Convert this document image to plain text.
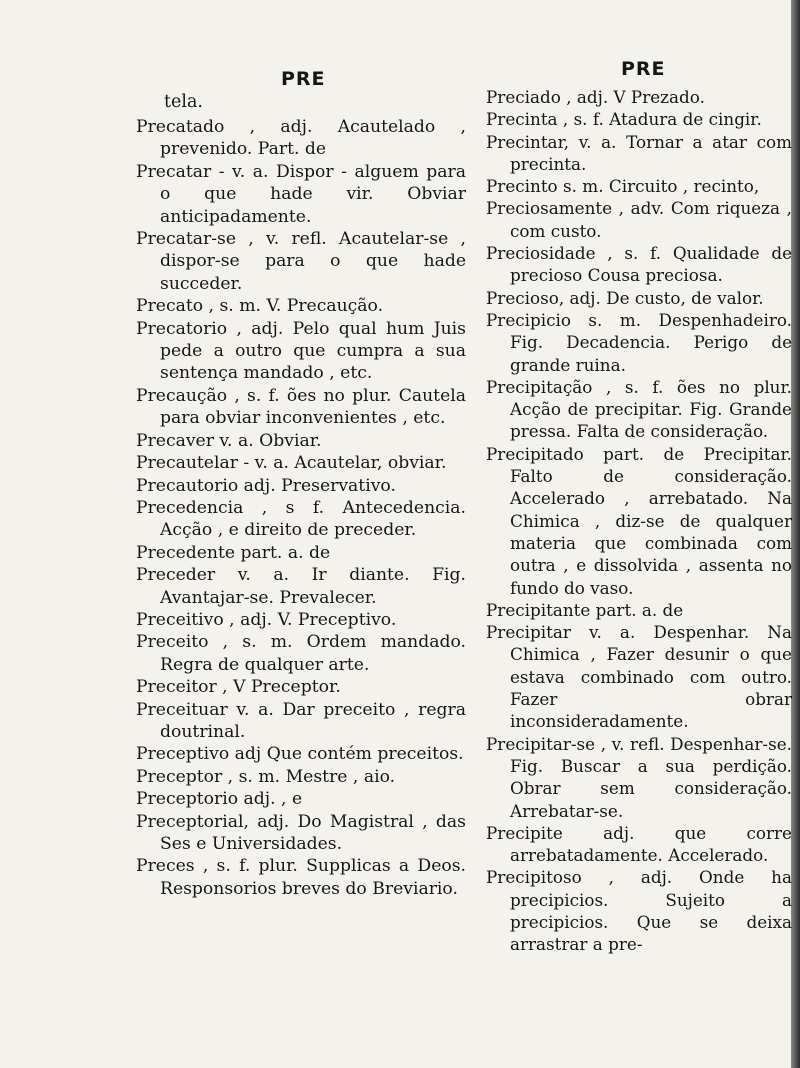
PRE
tela.

Precatado , adj. Acautelado , prevenido. Part. de

Precatar - v. a. Dispor - alguem para o que hade vir. Obviar anticipadamente.

Precatar-se , v. refl. Acautelar-se , dispor-se para o que hade succeder.

Precato , s. m. V. Precaução.

Precatorio , adj. Pelo qual hum Juis pede a outro que cumpra a sua sentença mandado , etc.

Precaução , s. f. ões no plur. Cautela para obviar inconvenientes , etc.

Precaver v. a. Obviar.

Precautelar - v. a. Acautelar, obviar.

Precautorio adj. Preservativo.

Precedencia , s f. Antecedencia. Acção , e direito de preceder.

Precedente part. a. de

Preceder v. a. Ir diante. Fig. Avantajar-se. Prevalecer.

Preceitivo , adj. V. Preceptivo.

Preceito , s. m. Ordem mandado. Regra de qualquer arte.

Preceitor , V Preceptor.

Preceituar v. a. Dar preceito , regra doutrinal.

Preceptivo adj Que contém preceitos.

Preceptor , s. m. Mestre , aio.

Preceptorio adj. , e

Preceptorial, adj. Do Magistral , das Ses e Universidades.

Preces , s. f. plur. Supplicas a Deos. Responsorios breves do Breviario.

PRE

Preciado , adj. V Prezado.

Precinta , s. f. Atadura de cingir.

Precintar, v. a. Tornar a atar com precinta.

Precinto s. m. Circuito , recinto,

Preciosamente , adv. Com riqueza , com custo.

Preciosidade , s. f. Qualidade de precioso Cousa preciosa.

Precioso, adj. De custo, de valor.

Precipicio s. m. Despenhadeiro. Fig. Decadencia. Perigo de grande ruina.

Precipitação , s. f. ões no plur. Acção de precipitar. Fig. Grande pressa. Falta de consideração.

Precipitado part. de Precipitar. Falto de consideração. Accelerado , arrebatado. Na Chimica , diz-se de qualquer materia que combinada com outra , e dissolvida , assenta no fundo do vaso.

Precipitante part. a. de

Precipitar v. a. Despenhar. Na Chimica , Fazer desunir o que estava combinado com outro. Fazer obrar inconsideradamente.

Precipitar-se , v. refl. Despenhar-se. Fig. Buscar a sua perdição. Obrar sem consideração. Arrebatar-se.

Precipite adj. que corre arrebatadamente. Accelerado.

Precipitoso , adj. Onde ha precipicios. Sujeito a precipicios. Que se deixa arrastrar a pre-
